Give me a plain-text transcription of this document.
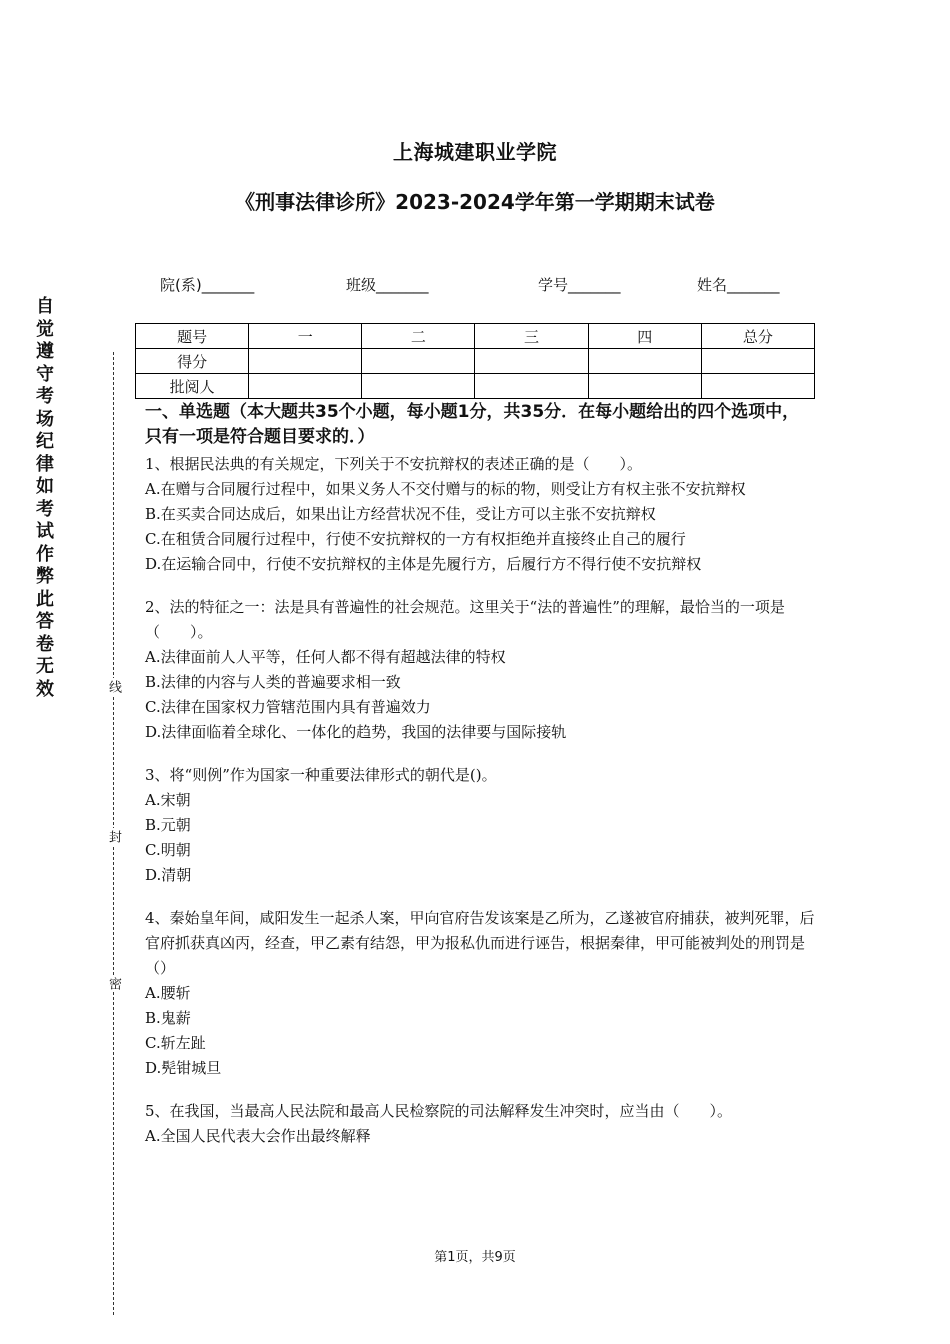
上海城建职业学院
《刑事法律诊所》2023-2024学年第一学期期末试卷
院(系)_______	班级_______	学号_______	姓名_______
题号	一	二	三	四	总分
得分					
批阅人					
自觉遵守考场纪律如考试作弊此答卷无效	线
封
密
一、单选题（本大题共35个小题，每小题1分，共35分．在每小题给出的四个选项中，只有一项是符合题目要求的．）
1、根据民法典的有关规定，下列关于不安抗辩权的表述正确的是（　　）。
A.在赠与合同履行过程中，如果义务人不交付赠与的标的物，则受让方有权主张不安抗辩权
B.在买卖合同达成后，如果出让方经营状况不佳，受让方可以主张不安抗辩权
C.在租赁合同履行过程中，行使不安抗辩权的一方有权拒绝并直接终止自己的履行
D.在运输合同中，行使不安抗辩权的主体是先履行方，后履行方不得行使不安抗辩权
2、法的特征之一：法是具有普遍性的社会规范。这里关于“法的普遍性”的理解，最恰当的一项是（　　）。
A.法律面前人人平等，任何人都不得有超越法律的特权
B.法律的内容与人类的普遍要求相一致
C.法律在国家权力管辖范围内具有普遍效力
D.法律面临着全球化、一体化的趋势，我国的法律要与国际接轨
3、将“则例”作为国家一种重要法律形式的朝代是()。
A.宋朝
B.元朝
C.明朝
D.清朝
4、秦始皇年间，咸阳发生一起杀人案，甲向官府告发该案是乙所为，乙遂被官府捕获，被判死罪，后官府抓获真凶丙，经查，甲乙素有结怨，甲为报私仇而进行诬告，根据秦律，甲可能被判处的刑罚是（）
A.腰斩
B.鬼薪
C.斩左趾
D.髡钳城旦
5、在我国，当最高人民法院和最高人民检察院的司法解释发生冲突时，应当由（　　）。
A.全国人民代表大会作出最终解释
第1页，共9页
